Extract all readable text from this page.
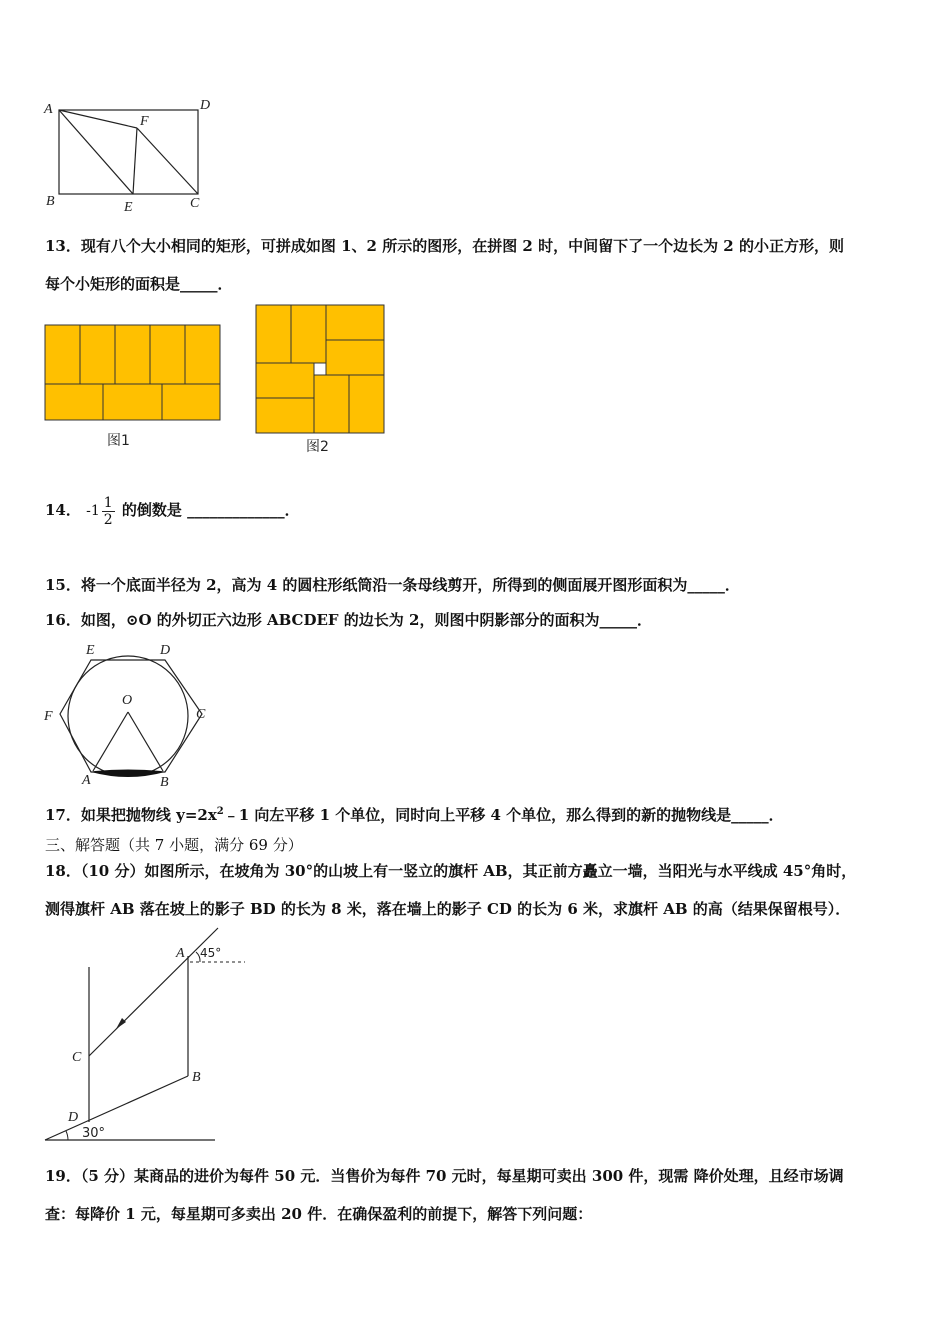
A	D
F
B	E	C
13．现有八个大小相同的矩形，可拼成如图 1、2 所示的图形，在拼图 2 时，中间留下了一个边长为 2 的小正方形，则
每个小矩形的面积是_____．
图1	图2
14． $-1 \frac{1}{2}$ 的倒数是 _____________．
15．将一个底面半径为 2，高为 4 的圆柱形纸筒沿一条母线剪开，所得到的侧面展开图形面积为_____．
16．如图，⊙O 的外切正六边形 ABCDEF 的边长为 2，则图中阴影部分的面积为_____．
E	D
O
F	C
A	B
17．如果把抛物线 $y=2x^2﹣1$ 向左平移 1 个单位，同时向上平移 4 个单位，那么得到的新的抛物线是_____．
三、解答题（共 7 小题，满分 69 分）
18．（10 分）如图所示，在坡角为 30°的山坡上有一竖立的旗杆 AB，其正前方矗立一墙，当阳光与水平线成 45°角时，
测得旗杆 AB 落在坡上的影子 BD 的长为 8 米，落在墙上的影子 CD 的长为 6 米，求旗杆 AB 的高（结果保留根号）．
A 45°
C
B
D
30°
19．（5 分）某商品的进价为每件 50 元．当售价为每件 70 元时，每星期可卖出 300 件，现需 降价处理，且经市场调
查：每降价 1 元，每星期可多卖出 20 件．在确保盈利的前提下，解答下列问题：
